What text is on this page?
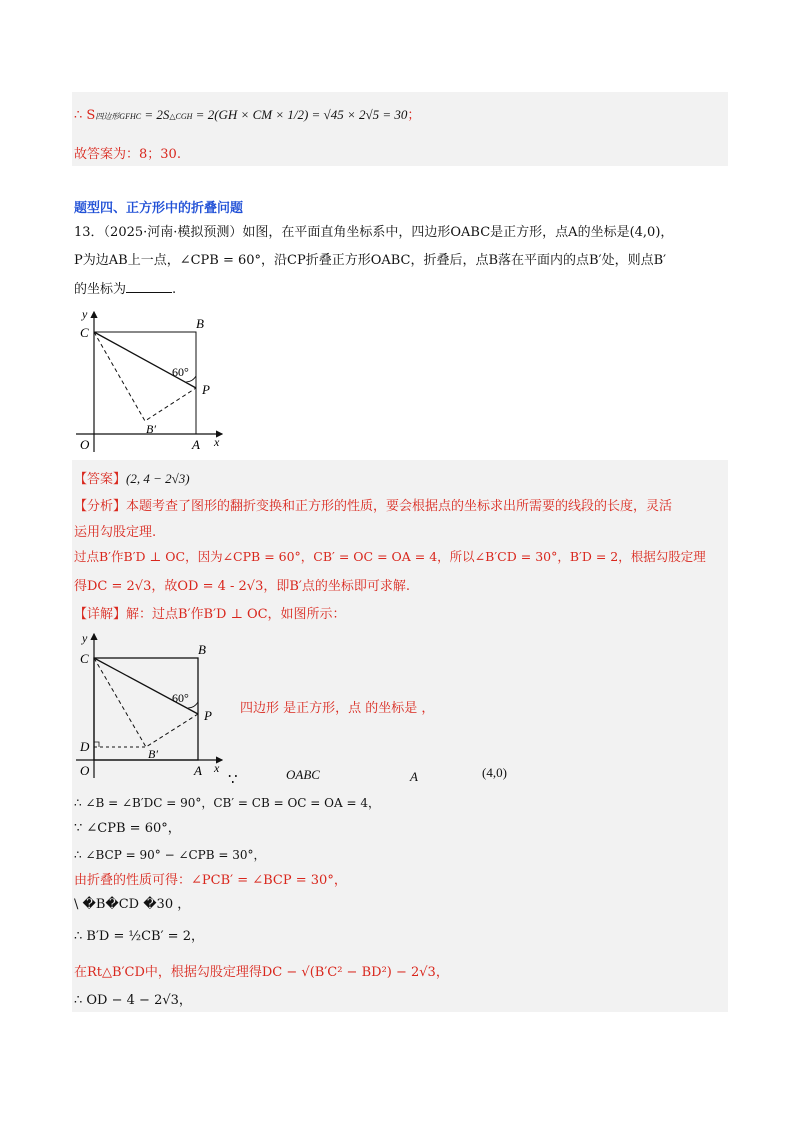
∴ S四边形GFHC = 2S△CGH = 2(GH × CM × 1/2) = √45 × 2√5 = 30；
故答案为：8；30.
题型四、正方形中的折叠问题
13．（2025·河南·模拟预测）如图，在平面直角坐标系中，四边形OABC是正方形，点A的坐标是(4,0)，
P为边AB上一点，∠CPB = 60°，沿CP折叠正方形OABC，折叠后，点B落在平面内的点B′处，则点B′
的坐标为	.
y
x
C
B
60°
P
B′
O	A
【答案】(2, 4 − 2√3)
【分析】本题考查了图形的翻折变换和正方形的性质，要会根据点的坐标求出所需要的线段的长度，灵活
运用勾股定理.
过点B′作B′D ⊥ OC，因为∠CPB = 60°，CB′ = OC = OA = 4，所以∠B′CD = 30°，B′D = 2，根据勾股定理
得DC = 2√3，故OD = 4 - 2√3，即B′点的坐标即可求解.
【详解】解：过点B′作B′D ⊥ OC，如图所示：
y
x
C
B
60°
P
D	B′
O	A
四边形 是正方形，点 的坐标是 ，
∵	OABC	A	(4,0)
∴ ∠B = ∠B′DC = 90°，CB′ = CB = OC = OA = 4，
∵ ∠CPB = 60°，
∴ ∠BCP = 90° − ∠CPB = 30°，
由折叠的性质可得：∠PCB′ = ∠BCP = 30°，
\ �B�CD �30 ，
∴ B′D = ½CB′ = 2，
在Rt△B′CD中，根据勾股定理得DC − √(B′C² − BD²) − 2√3，
∴ OD − 4 − 2√3，
